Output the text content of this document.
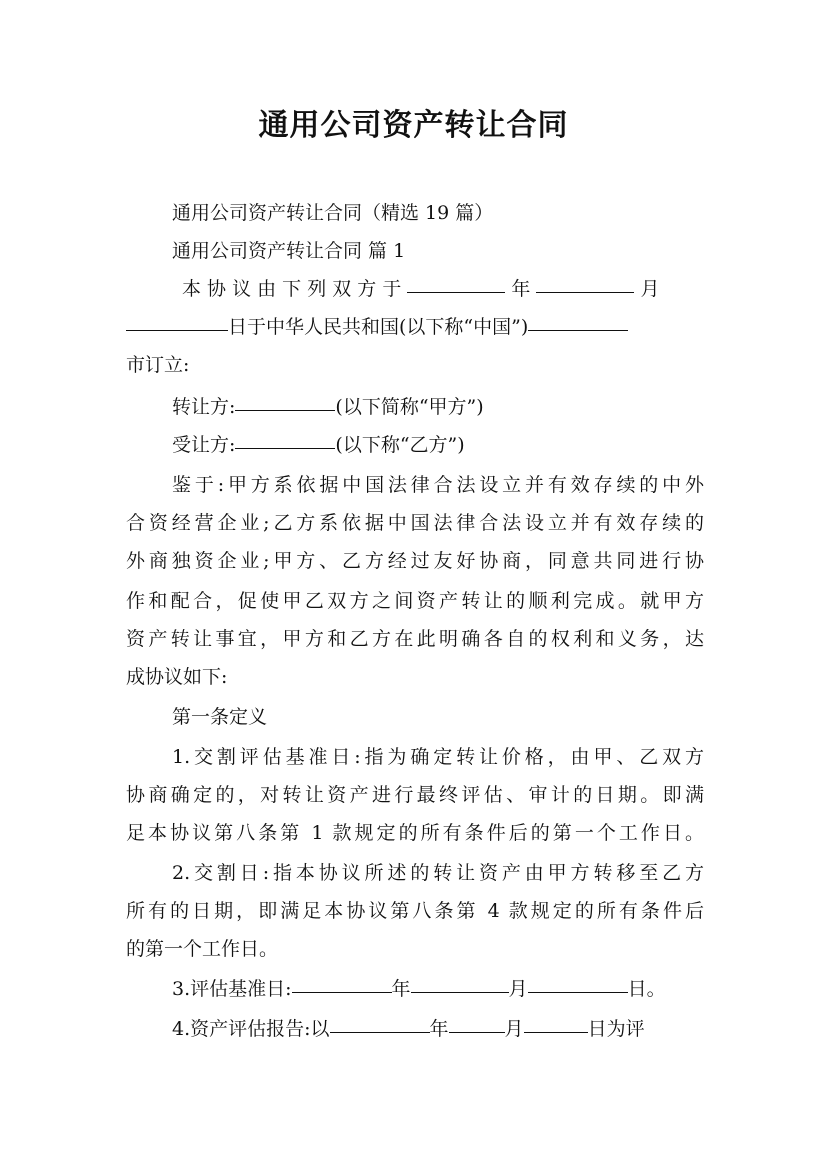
通用公司资产转让合同
通用公司资产转让合同（精选 19 篇）
通用公司资产转让合同 篇 1
本 协 议 由 下 列 双 方 于	年	月
日于中华人民共和国(以下称“中国”)
市订立:
转让方:	(以下简称“甲方”)
受让方:	(以下称“乙方”)
鉴于:甲方系依据中国法律合法设立并有效存续的中外
合资经营企业;乙方系依据中国法律合法设立并有效存续的
外商独资企业;甲方、乙方经过友好协商，同意共同进行协
作和配合，促使甲乙双方之间资产转让的顺利完成。就甲方
资产转让事宜，甲方和乙方在此明确各自的权利和义务，达
成协议如下:
第一条定义
1.交割评估基准日:指为确定转让价格，由甲、乙双方
协商确定的，对转让资产进行最终评估、审计的日期。即满
足本协议第八条第 1 款规定的所有条件后的第一个工作日。
2.交割日:指本协议所述的转让资产由甲方转移至乙方
所有的日期，即满足本协议第八条第 4 款规定的所有条件后
的第一个工作日。
3.评估基准日:	年	月	日。
4.资产评估报告:以	年	月	日为评
